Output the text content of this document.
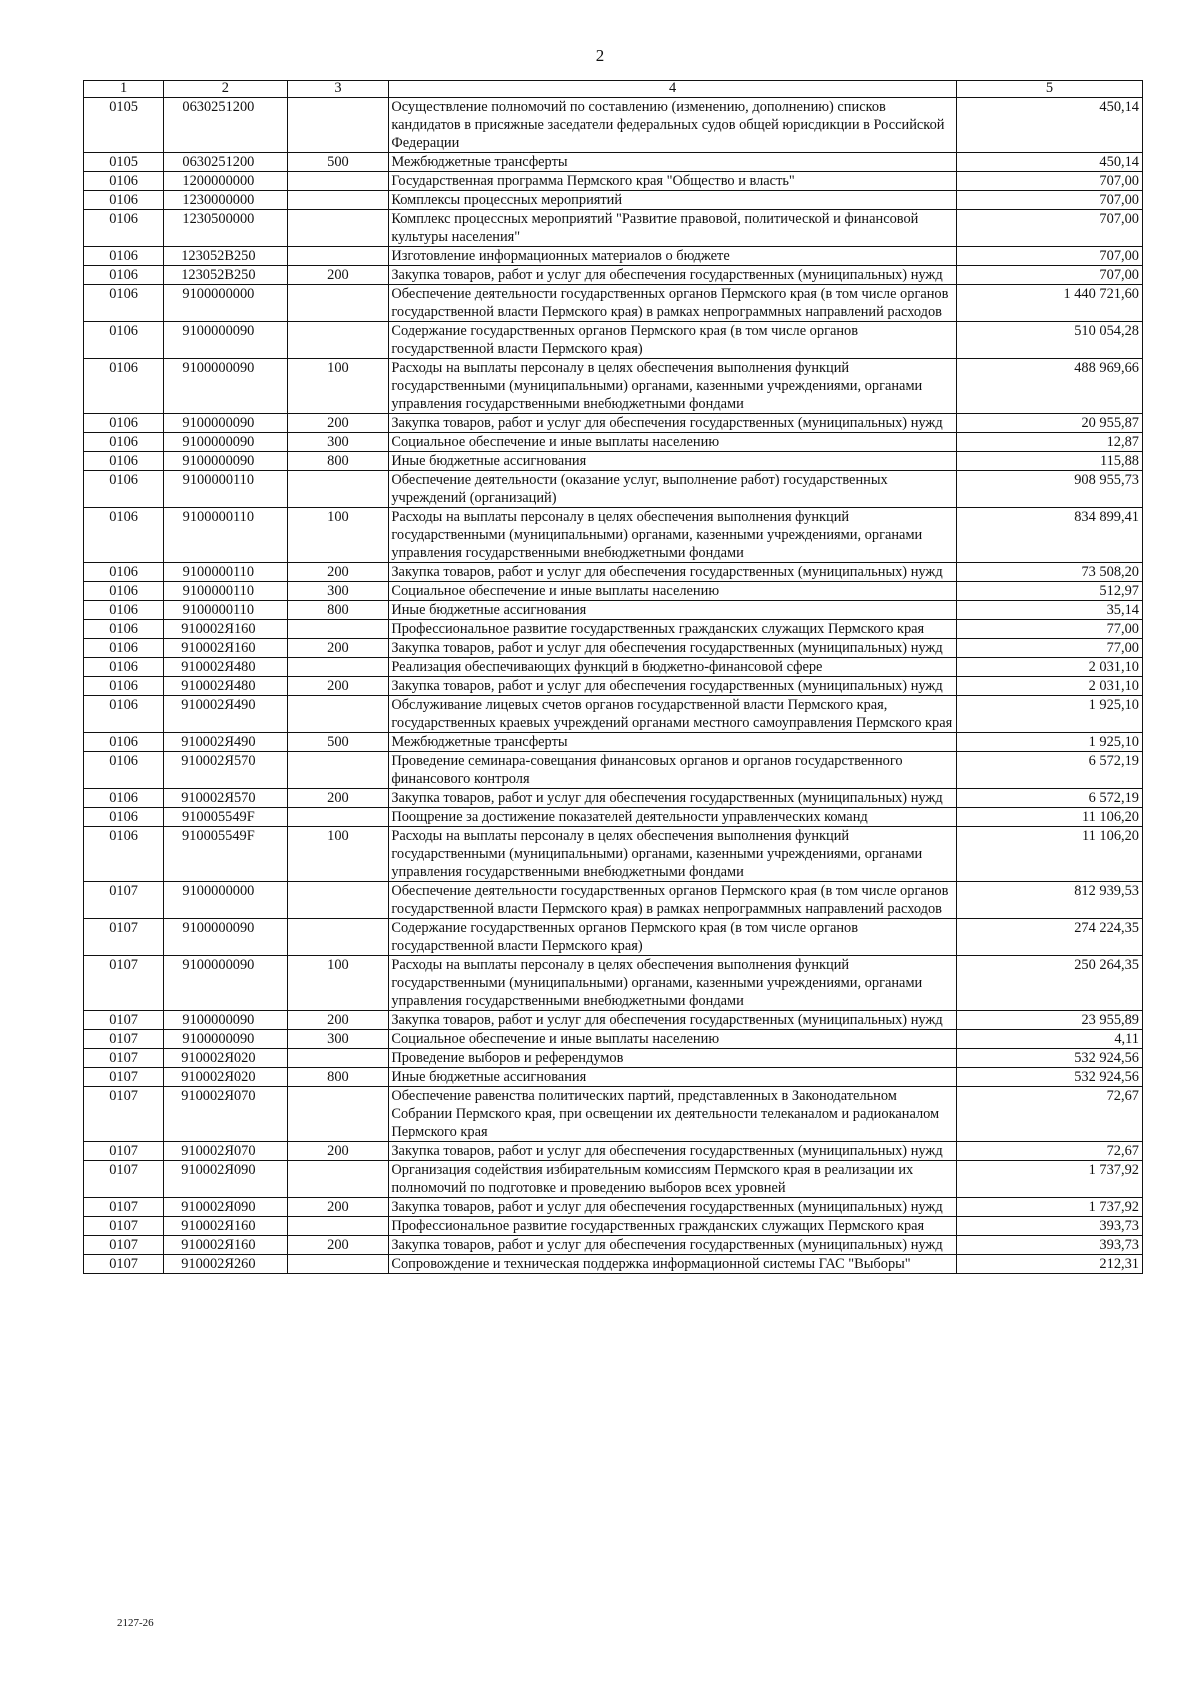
2
1	2	3	4	5
0105	0630251200		Осуществление полномочий по составлению (изменению, дополнению) списков кандидатов в присяжные заседатели федеральных судов общей юрисдикции в Российской Федерации	450,14
0105	0630251200	500	Межбюджетные трансферты	450,14
0106	1200000000		Государственная программа Пермского края "Общество и власть"	707,00
0106	1230000000		Комплексы процессных мероприятий	707,00
0106	1230500000		Комплекс процессных мероприятий "Развитие правовой, политической и финансовой культуры населения"	707,00
0106	123052В250		Изготовление информационных материалов о бюджете	707,00
0106	123052В250	200	Закупка товаров, работ и услуг для обеспечения государственных (муниципальных) нужд	707,00
0106	9100000000		Обеспечение деятельности государственных органов Пермского края (в том числе органов государственной власти Пермского края) в рамках непрограммных направлений расходов	1 440 721,60
0106	9100000090		Содержание государственных органов Пермского края (в том числе органов государственной власти Пермского края)	510 054,28
0106	9100000090	100	Расходы на выплаты персоналу в целях обеспечения выполнения функций государственными (муниципальными) органами, казенными учреждениями, органами управления государственными внебюджетными фондами	488 969,66
0106	9100000090	200	Закупка товаров, работ и услуг для обеспечения государственных (муниципальных) нужд	20 955,87
0106	9100000090	300	Социальное обеспечение и иные выплаты населению	12,87
0106	9100000090	800	Иные бюджетные ассигнования	115,88
0106	9100000110		Обеспечение деятельности (оказание услуг, выполнение работ) государственных учреждений (организаций)	908 955,73
0106	9100000110	100	Расходы на выплаты персоналу в целях обеспечения выполнения функций государственными (муниципальными) органами, казенными учреждениями, органами управления государственными внебюджетными фондами	834 899,41
0106	9100000110	200	Закупка товаров, работ и услуг для обеспечения государственных (муниципальных) нужд	73 508,20
0106	9100000110	300	Социальное обеспечение и иные выплаты населению	512,97
0106	9100000110	800	Иные бюджетные ассигнования	35,14
0106	910002Я160		Профессиональное развитие государственных гражданских служащих Пермского края	77,00
0106	910002Я160	200	Закупка товаров, работ и услуг для обеспечения государственных (муниципальных) нужд	77,00
0106	910002Я480		Реализация обеспечивающих функций в бюджетно-финансовой сфере	2 031,10
0106	910002Я480	200	Закупка товаров, работ и услуг для обеспечения государственных (муниципальных) нужд	2 031,10
0106	910002Я490		Обслуживание лицевых счетов органов государственной власти Пермского края, государственных краевых учреждений органами местного самоуправления Пермского края	1 925,10
0106	910002Я490	500	Межбюджетные трансферты	1 925,10
0106	910002Я570		Проведение семинара-совещания финансовых органов и органов государственного финансового контроля	6 572,19
0106	910002Я570	200	Закупка товаров, работ и услуг для обеспечения государственных (муниципальных) нужд	6 572,19
0106	910005549F		Поощрение за достижение показателей деятельности управленческих команд	11 106,20
0106	910005549F	100	Расходы на выплаты персоналу в целях обеспечения выполнения функций государственными (муниципальными) органами, казенными учреждениями, органами управления государственными внебюджетными фондами	11 106,20
0107	9100000000		Обеспечение деятельности государственных органов Пермского края (в том числе органов государственной власти Пермского края) в рамках непрограммных направлений расходов	812 939,53
0107	9100000090		Содержание государственных органов Пермского края (в том числе органов государственной власти Пермского края)	274 224,35
0107	9100000090	100	Расходы на выплаты персоналу в целях обеспечения выполнения функций государственными (муниципальными) органами, казенными учреждениями, органами управления государственными внебюджетными фондами	250 264,35
0107	9100000090	200	Закупка товаров, работ и услуг для обеспечения государственных (муниципальных) нужд	23 955,89
0107	9100000090	300	Социальное обеспечение и иные выплаты населению	4,11
0107	910002Я020		Проведение выборов и референдумов	532 924,56
0107	910002Я020	800	Иные бюджетные ассигнования	532 924,56
0107	910002Я070		Обеспечение равенства политических партий, представленных в Законодательном Собрании Пермского края, при освещении их деятельности телеканалом и радиоканалом Пермского края	72,67
0107	910002Я070	200	Закупка товаров, работ и услуг для обеспечения государственных (муниципальных) нужд	72,67
0107	910002Я090		Организация содействия избирательным комиссиям Пермского края в реализации их полномочий по подготовке и проведению выборов всех уровней	1 737,92
0107	910002Я090	200	Закупка товаров, работ и услуг для обеспечения государственных (муниципальных) нужд	1 737,92
0107	910002Я160		Профессиональное развитие государственных гражданских служащих Пермского края	393,73
0107	910002Я160	200	Закупка товаров, работ и услуг для обеспечения государственных (муниципальных) нужд	393,73
0107	910002Я260		Сопровождение и техническая поддержка информационной системы ГАС "Выборы"	212,31
2127-26
